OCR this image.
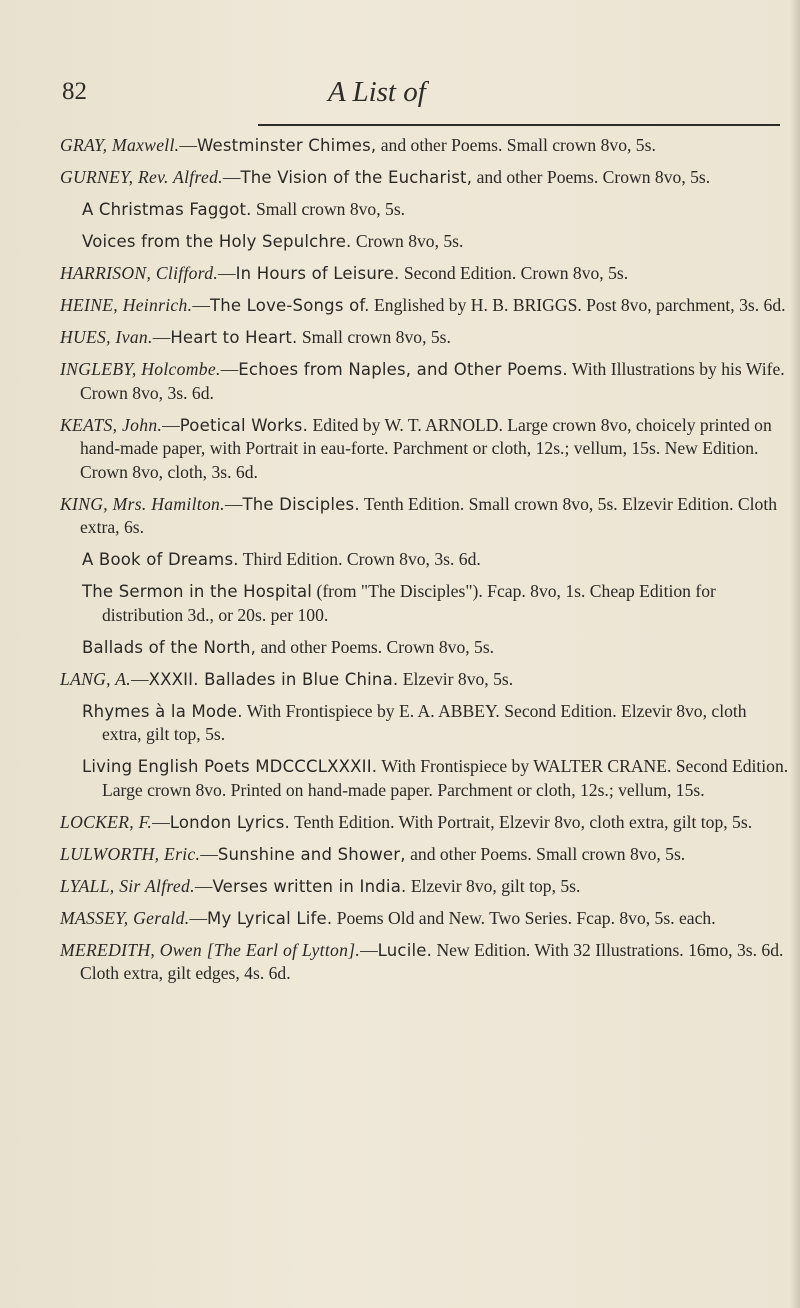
82	A List of

GRAY, Maxwell.—Westminster Chimes, and other Poems. Small crown 8vo, 5s.

GURNEY, Rev. Alfred.—The Vision of the Eucharist, and other Poems. Crown 8vo, 5s.

A Christmas Faggot. Small crown 8vo, 5s.

Voices from the Holy Sepulchre. Crown 8vo, 5s.

HARRISON, Clifford.—In Hours of Leisure. Second Edition. Crown 8vo, 5s.

HEINE, Heinrich.—The Love-Songs of. Englished by H. B. BRIGGS. Post 8vo, parchment, 3s. 6d.

HUES, Ivan.—Heart to Heart. Small crown 8vo, 5s.

INGLEBY, Holcombe.—Echoes from Naples, and Other Poems. With Illustrations by his Wife. Crown 8vo, 3s. 6d.

KEATS, John.—Poetical Works. Edited by W. T. ARNOLD. Large crown 8vo, choicely printed on hand-made paper, with Portrait in eau-forte. Parchment or cloth, 12s.; vellum, 15s. New Edition. Crown 8vo, cloth, 3s. 6d.

KING, Mrs. Hamilton.—The Disciples. Tenth Edition. Small crown 8vo, 5s. Elzevir Edition. Cloth extra, 6s.

A Book of Dreams. Third Edition. Crown 8vo, 3s. 6d.

The Sermon in the Hospital (from "The Disciples"). Fcap. 8vo, 1s. Cheap Edition for distribution 3d., or 20s. per 100.

Ballads of the North, and other Poems. Crown 8vo, 5s.

LANG, A.—XXXII. Ballades in Blue China. Elzevir 8vo, 5s.

Rhymes à la Mode. With Frontispiece by E. A. ABBEY. Second Edition. Elzevir 8vo, cloth extra, gilt top, 5s.

Living English Poets MDCCCLXXXII. With Frontispiece by WALTER CRANE. Second Edition. Large crown 8vo. Printed on hand-made paper. Parchment or cloth, 12s.; vellum, 15s.

LOCKER, F.—London Lyrics. Tenth Edition. With Portrait, Elzevir 8vo, cloth extra, gilt top, 5s.

LULWORTH, Eric.—Sunshine and Shower, and other Poems. Small crown 8vo, 5s.

LYALL, Sir Alfred.—Verses written in India. Elzevir 8vo, gilt top, 5s.

MASSEY, Gerald.—My Lyrical Life. Poems Old and New. Two Series. Fcap. 8vo, 5s. each.

MEREDITH, Owen [The Earl of Lytton].—Lucile. New Edition. With 32 Illustrations. 16mo, 3s. 6d. Cloth extra, gilt edges, 4s. 6d.
